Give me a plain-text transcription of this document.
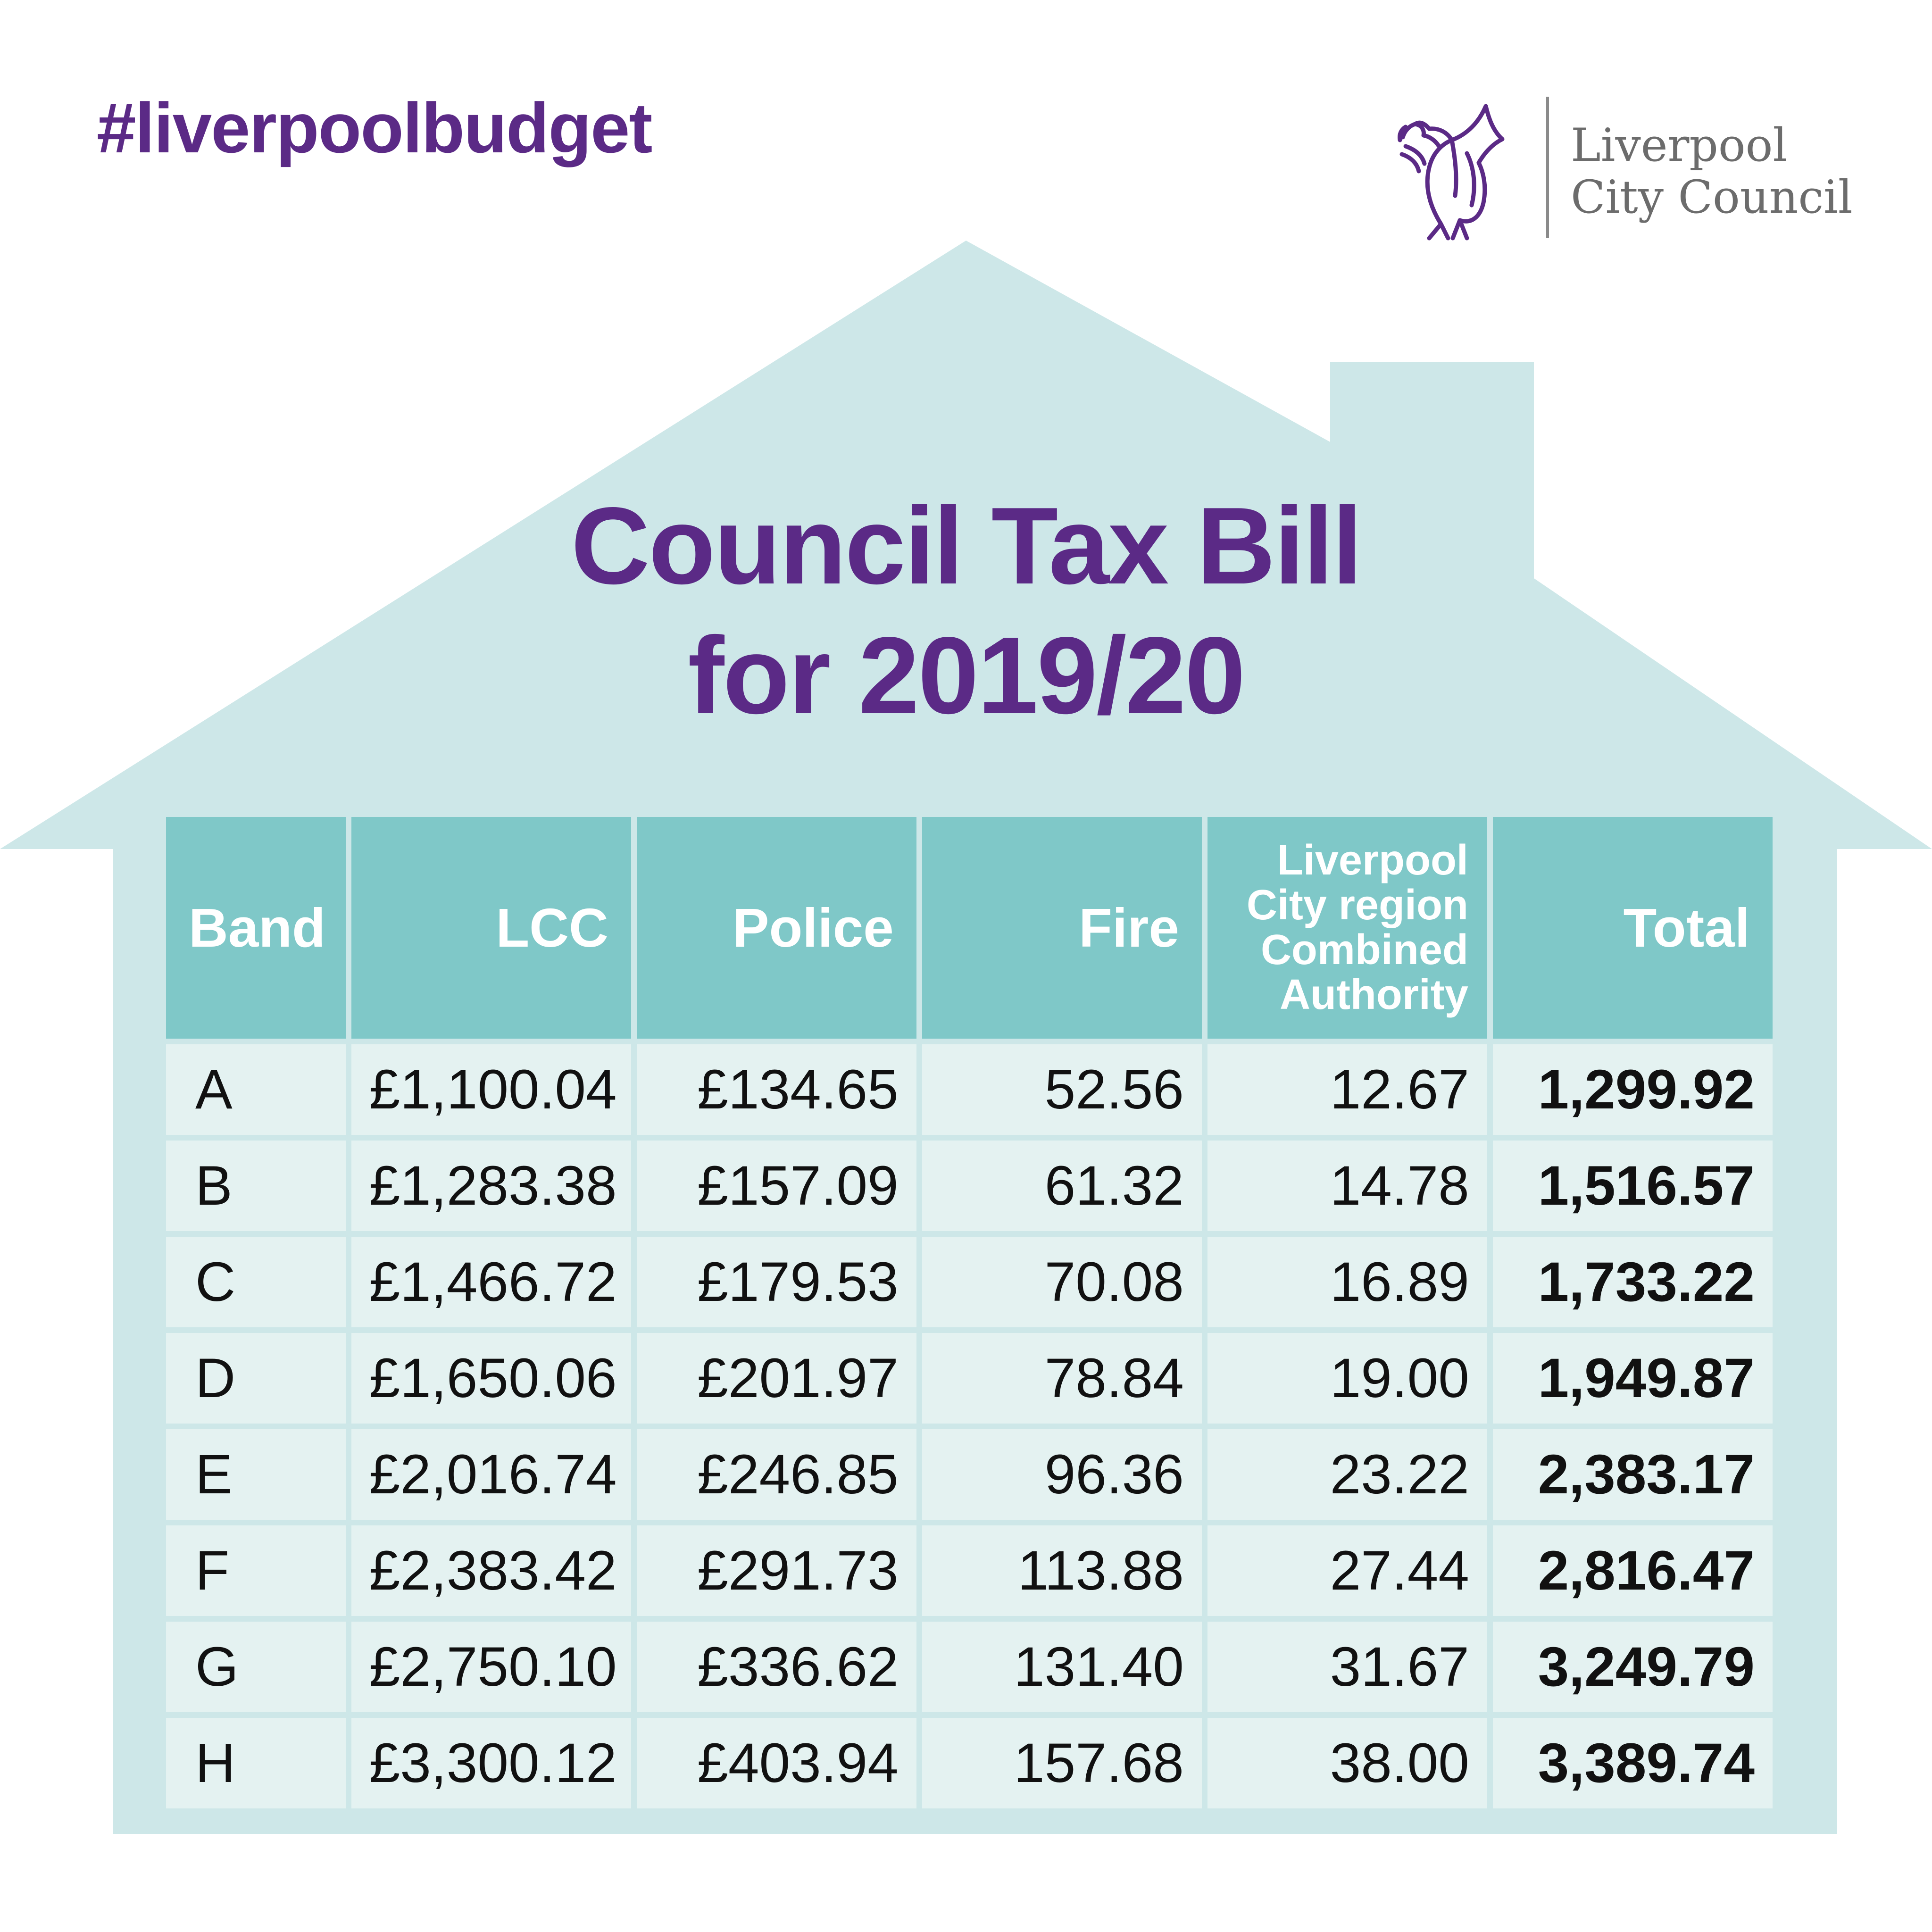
#liverpoolbudget	Liverpool
City Council
Council Tax Bill
for 2019/20
Band	LCC	Police	Fire	Liverpool
City region
Combined
Authority	Total
A	£1,100.04	£134.65	52.56	12.67	1,299.92
B	£1,283.38	£157.09	61.32	14.78	1,516.57
C	£1,466.72	£179.53	70.08	16.89	1,733.22
D	£1,650.06	£201.97	78.84	19.00	1,949.87
E	£2,016.74	£246.85	96.36	23.22	2,383.17
F	£2,383.42	£291.73	113.88	27.44	2,816.47
G	£2,750.10	£336.62	131.40	31.67	3,249.79
H	£3,300.12	£403.94	157.68	38.00	3,389.74
